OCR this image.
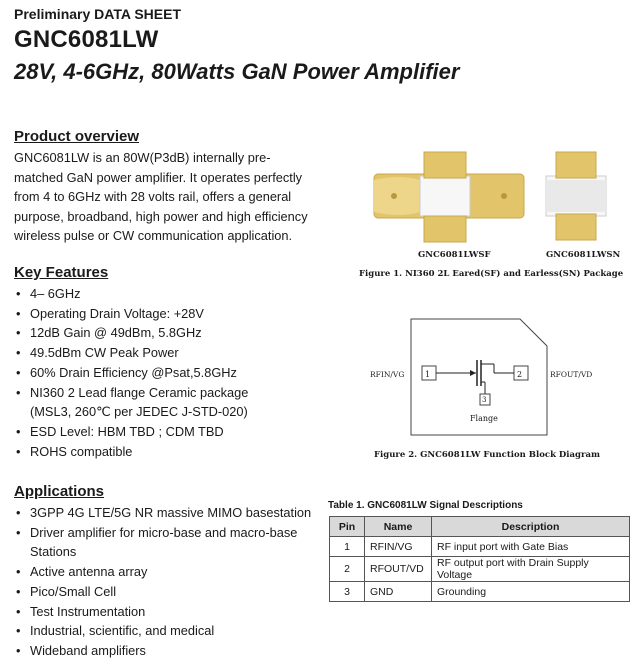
Preliminary DATA SHEET
GNC6081LW
28V, 4-6GHz, 80Watts GaN Power Amplifier
Product overview
GNC6081LW is an 80W(P3dB) internally pre-
matched GaN power amplifier. It operates perfectly
from 4 to 6GHz with 28 volts rail, offers a general
purpose, broadband, high power and high efficiency
wireless pulse or CW communication application.
Key Features
• 4– 6GHz
• Operating Drain Voltage: +28V
• 12dB Gain @ 49dBm, 5.8GHz
• 49.5dBm CW Peak Power
• 60% Drain Efficiency @Psat,5.8GHz
• NI360 2 Lead flange Ceramic package
(MSL3, 260℃ per JEDEC J-STD-020)
• ESD Level: HBM TBD ; CDM TBD
• ROHS compatible
Applications
• 3GPP 4G LTE/5G NR massive MIMO basestation
• Driver amplifier for micro-base and macro-base
Stations
• Active antenna array
• Pico/Small Cell
• Test Instrumentation
• Industrial, scientific, and medical
• Wideband amplifiers
GNC6081LWSF	GNC6081LWSN
Figure 1. NI360 2L Eared(SF) and Earless(SN) Package
1	2
3
RFIN/VG	RFOUT/VD
Flange
Figure 2. GNC6081LW Function Block Diagram
Table 1. GNC6081LW Signal Descriptions
Pin	Name	Description
1	RFIN/VG	RF input port with Gate Bias
2	RFOUT/VD	RF output port with Drain Supply Voltage
3	GND	Grounding
